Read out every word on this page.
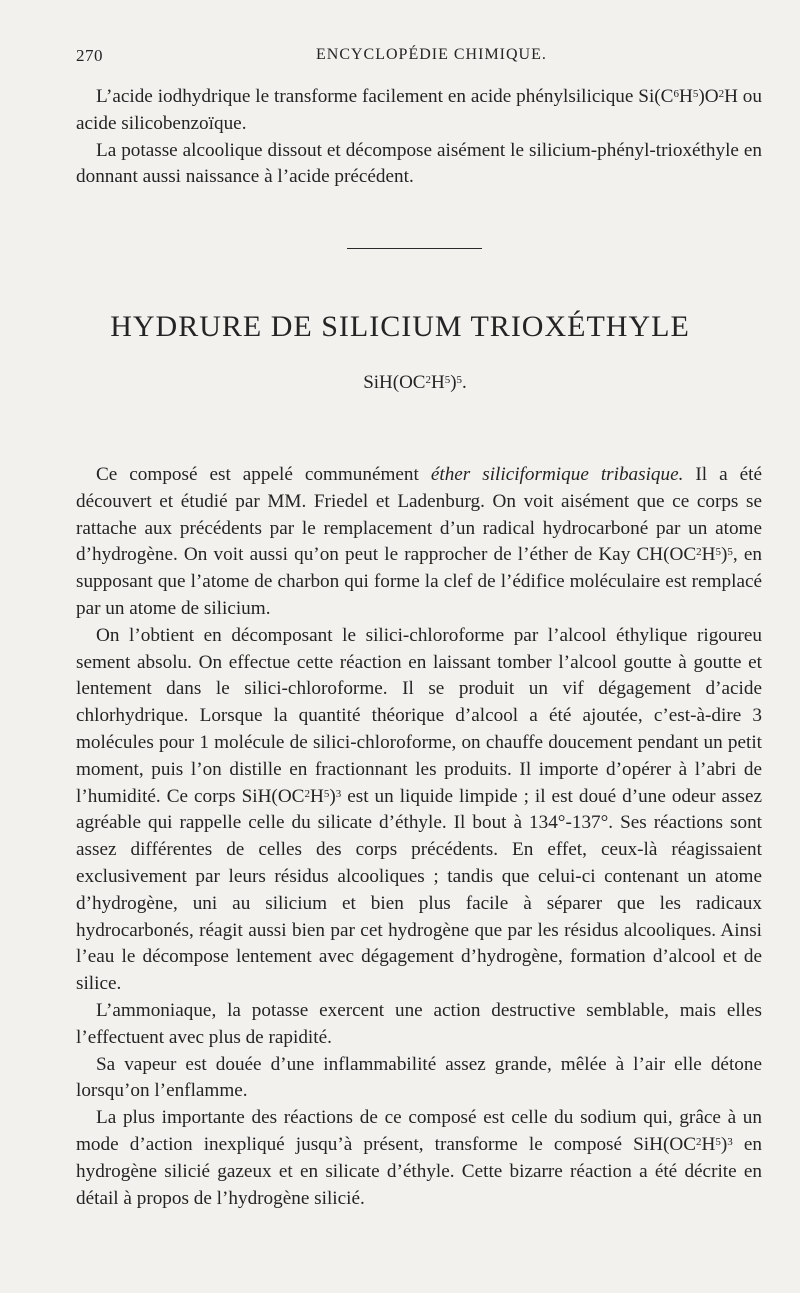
270	ENCYCLOPÉDIE CHIMIQUE.

L’acide iodhydrique le transforme facilement en acide phénylsilicique $Si(C^6H^5)O^2H$ ou acide silicobenzoïque.

La potasse alcoolique dissout et décompose aisément le silicium-phényl-trioxéthyle en donnant aussi naissance à l’acide précédent.

HYDRURE DE SILICIUM TRIOXÉTHYLE
$SiH(OC^2H^5)^5$.

Ce composé est appelé communément éther siliciformique tribasique. Il a été découvert et étudié par MM. Friedel et Ladenburg. On voit aisément que ce corps se rattache aux précédents par le remplacement d’un radical hydrocarboné par un atome d’hydrogène. On voit aussi qu’on peut le rapprocher de l’éther de Kay $CH(OC^2H^5)^5$, en supposant que l’atome de charbon qui forme la clef de l’édifice moléculaire est remplacé par un atome de silicium.

On l’obtient en décomposant le silici-chloroforme par l’alcool éthylique rigoureu sement absolu. On effectue cette réaction en laissant tomber l’alcool goutte à goutte et lentement dans le silici-chloroforme. Il se produit un vif dégagement d’acide chlorhydrique. Lorsque la quantité théorique d’alcool a été ajoutée, c’est-à-dire 3 molécules pour 1 molécule de silici-chloroforme, on chauffe doucement pendant un petit moment, puis l’on distille en fractionnant les produits. Il importe d’opérer à l’abri de l’humidité. Ce corps $SiH(OC^2H^5)^3$ est un liquide limpide ; il est doué d’une odeur assez agréable qui rappelle celle du silicate d’éthyle. Il bout à 134°-137°. Ses réactions sont assez différentes de celles des corps précédents. En effet, ceux-là réagissaient exclusivement par leurs résidus alcooliques ; tandis que celui-ci contenant un atome d’hydrogène, uni au silicium et bien plus facile à séparer que les radicaux hydrocarbonés, réagit aussi bien par cet hydrogène que par les résidus alcooliques. Ainsi l’eau le décompose lentement avec dégagement d’hydrogène, formation d’alcool et de silice.

L’ammoniaque, la potasse exercent une action destructive semblable, mais elles l’effectuent avec plus de rapidité.

Sa vapeur est douée d’une inflammabilité assez grande, mêlée à l’air elle détone lorsqu’on l’enflamme.

La plus importante des réactions de ce composé est celle du sodium qui, grâce à un mode d’action inexpliqué jusqu’à présent, transforme le composé $SiH(OC^2H^5)^3$ en hydrogène silicié gazeux et en silicate d’éthyle. Cette bizarre réaction a été décrite en détail à propos de l’hydrogène silicié.
